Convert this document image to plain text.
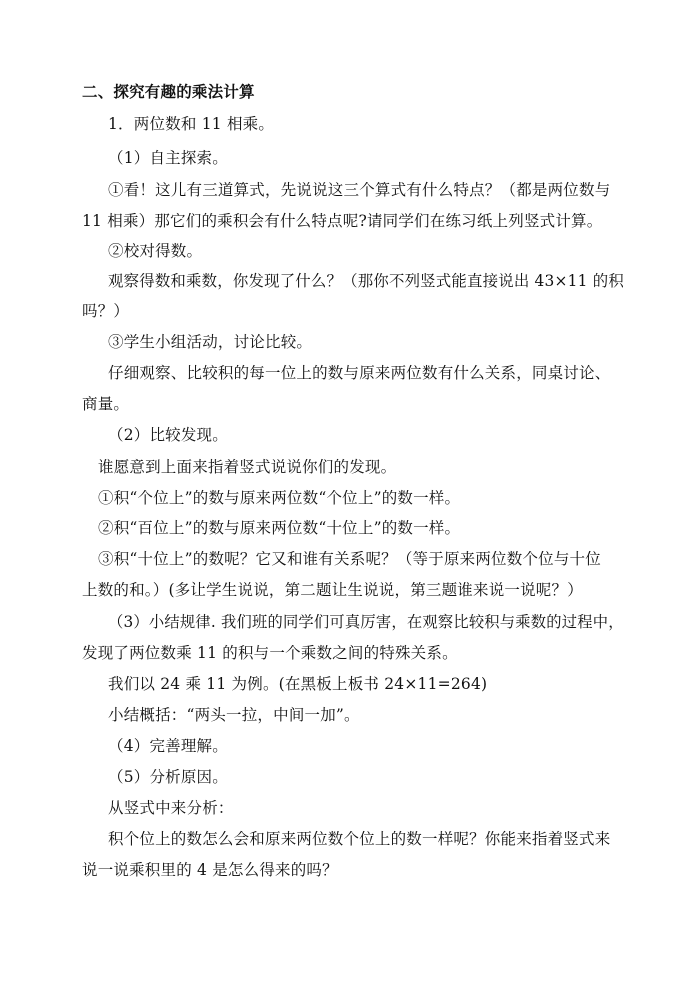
二、探究有趣的乘法计算
1．两位数和 11 相乘。
（1）自主探索。
①看！这儿有三道算式，先说说这三个算式有什么特点？（都是两位数与
11 相乘）那它们的乘积会有什么特点呢?请同学们在练习纸上列竖式计算。
②校对得数。
观察得数和乘数，你发现了什么？（那你不列竖式能直接说出 43×11 的积
吗？）
③学生小组活动，讨论比较。
仔细观察、比较积的每一位上的数与原来两位数有什么关系，同桌讨论、
商量。
（2）比较发现。
谁愿意到上面来指着竖式说说你们的发现。
①积“个位上”的数与原来两位数“个位上”的数一样。
②积“百位上”的数与原来两位数“十位上”的数一样。
③积“十位上”的数呢？它又和谁有关系呢？（等于原来两位数个位与十位
上数的和。）(多让学生说说，第二题让生说说，第三题谁来说一说呢？）
（3）小结规律. 我们班的同学们可真厉害，在观察比较积与乘数的过程中，
发现了两位数乘 11 的积与一个乘数之间的特殊关系。
我们以 24 乘 11 为例。(在黑板上板书 24×11=264)
小结概括：“两头一拉，中间一加”。
（4）完善理解。
（5）分析原因。
从竖式中来分析：
积个位上的数怎么会和原来两位数个位上的数一样呢？你能来指着竖式来
说一说乘积里的 4 是怎么得来的吗？
